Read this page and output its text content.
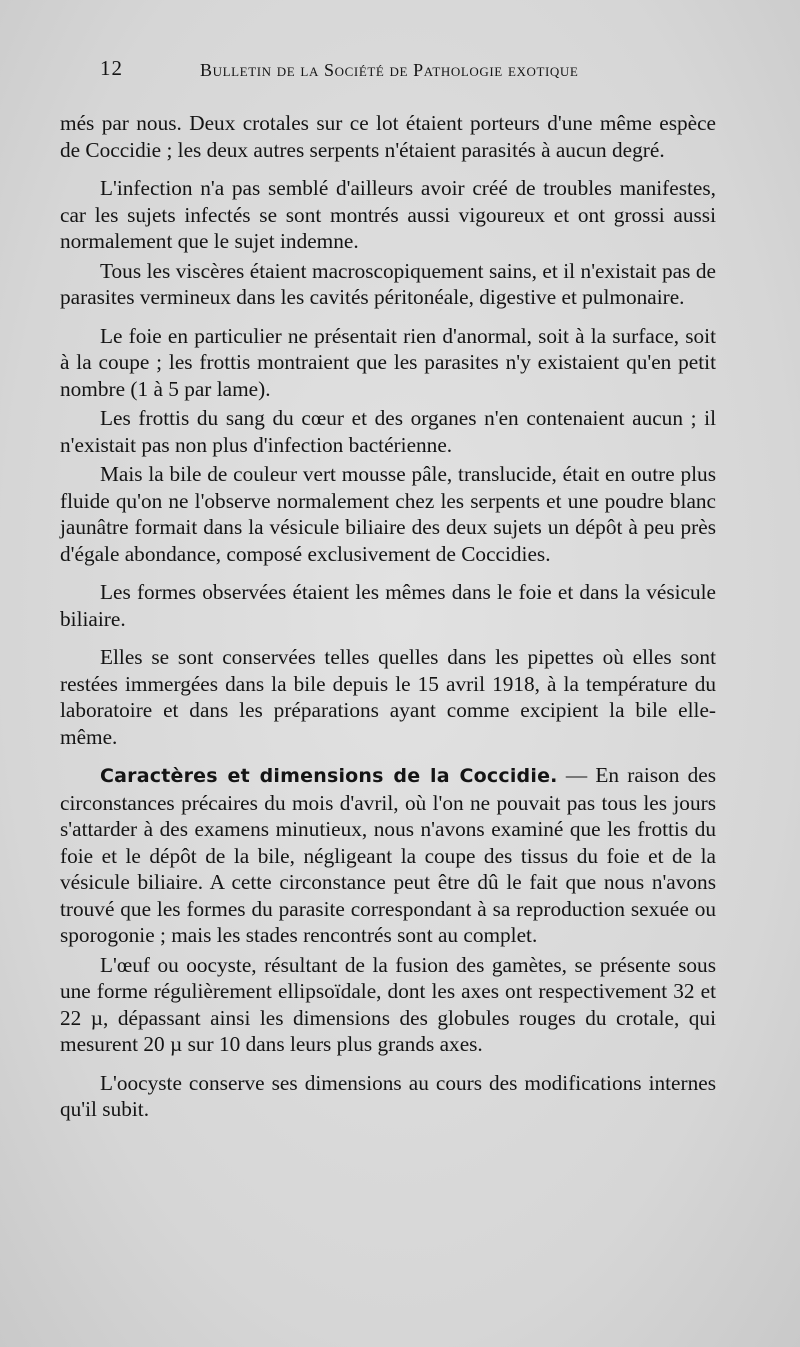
12	Bulletin de la Société de Pathologie exotique

més par nous. Deux crotales sur ce lot étaient porteurs d'une même espèce de Coccidie ; les deux autres serpents n'étaient parasités à aucun degré.

L'infection n'a pas semblé d'ailleurs avoir créé de troubles manifestes, car les sujets infectés se sont montrés aussi vigoureux et ont grossi aussi normalement que le sujet indemne.

Tous les viscères étaient macroscopiquement sains, et il n'existait pas de parasites vermineux dans les cavités péritonéale, digestive et pulmonaire.

Le foie en particulier ne présentait rien d'anormal, soit à la surface, soit à la coupe ; les frottis montraient que les parasites n'y existaient qu'en petit nombre (1 à 5 par lame).

Les frottis du sang du cœur et des organes n'en contenaient aucun ; il n'existait pas non plus d'infection bactérienne.

Mais la bile de couleur vert mousse pâle, translucide, était en outre plus fluide qu'on ne l'observe normalement chez les serpents et une poudre blanc jaunâtre formait dans la vésicule biliaire des deux sujets un dépôt à peu près d'égale abondance, composé exclusivement de Coccidies.

Les formes observées étaient les mêmes dans le foie et dans la vésicule biliaire.

Elles se sont conservées telles quelles dans les pipettes où elles sont restées immergées dans la bile depuis le 15 avril 1918, à la température du laboratoire et dans les préparations ayant comme excipient la bile elle-même.

Caractères et dimensions de la Coccidie. — En raison des circonstances précaires du mois d'avril, où l'on ne pouvait pas tous les jours s'attarder à des examens minutieux, nous n'avons examiné que les frottis du foie et le dépôt de la bile, négligeant la coupe des tissus du foie et de la vésicule biliaire. A cette circonstance peut être dû le fait que nous n'avons trouvé que les formes du parasite correspondant à sa reproduction sexuée ou sporogonie ; mais les stades rencontrés sont au complet.

L'œuf ou oocyste, résultant de la fusion des gamètes, se présente sous une forme régulièrement ellipsoïdale, dont les axes ont respectivement 32 et 22 µ, dépassant ainsi les dimensions des globules rouges du crotale, qui mesurent 20 µ sur 10 dans leurs plus grands axes.

L'oocyste conserve ses dimensions au cours des modifications internes qu'il subit.
